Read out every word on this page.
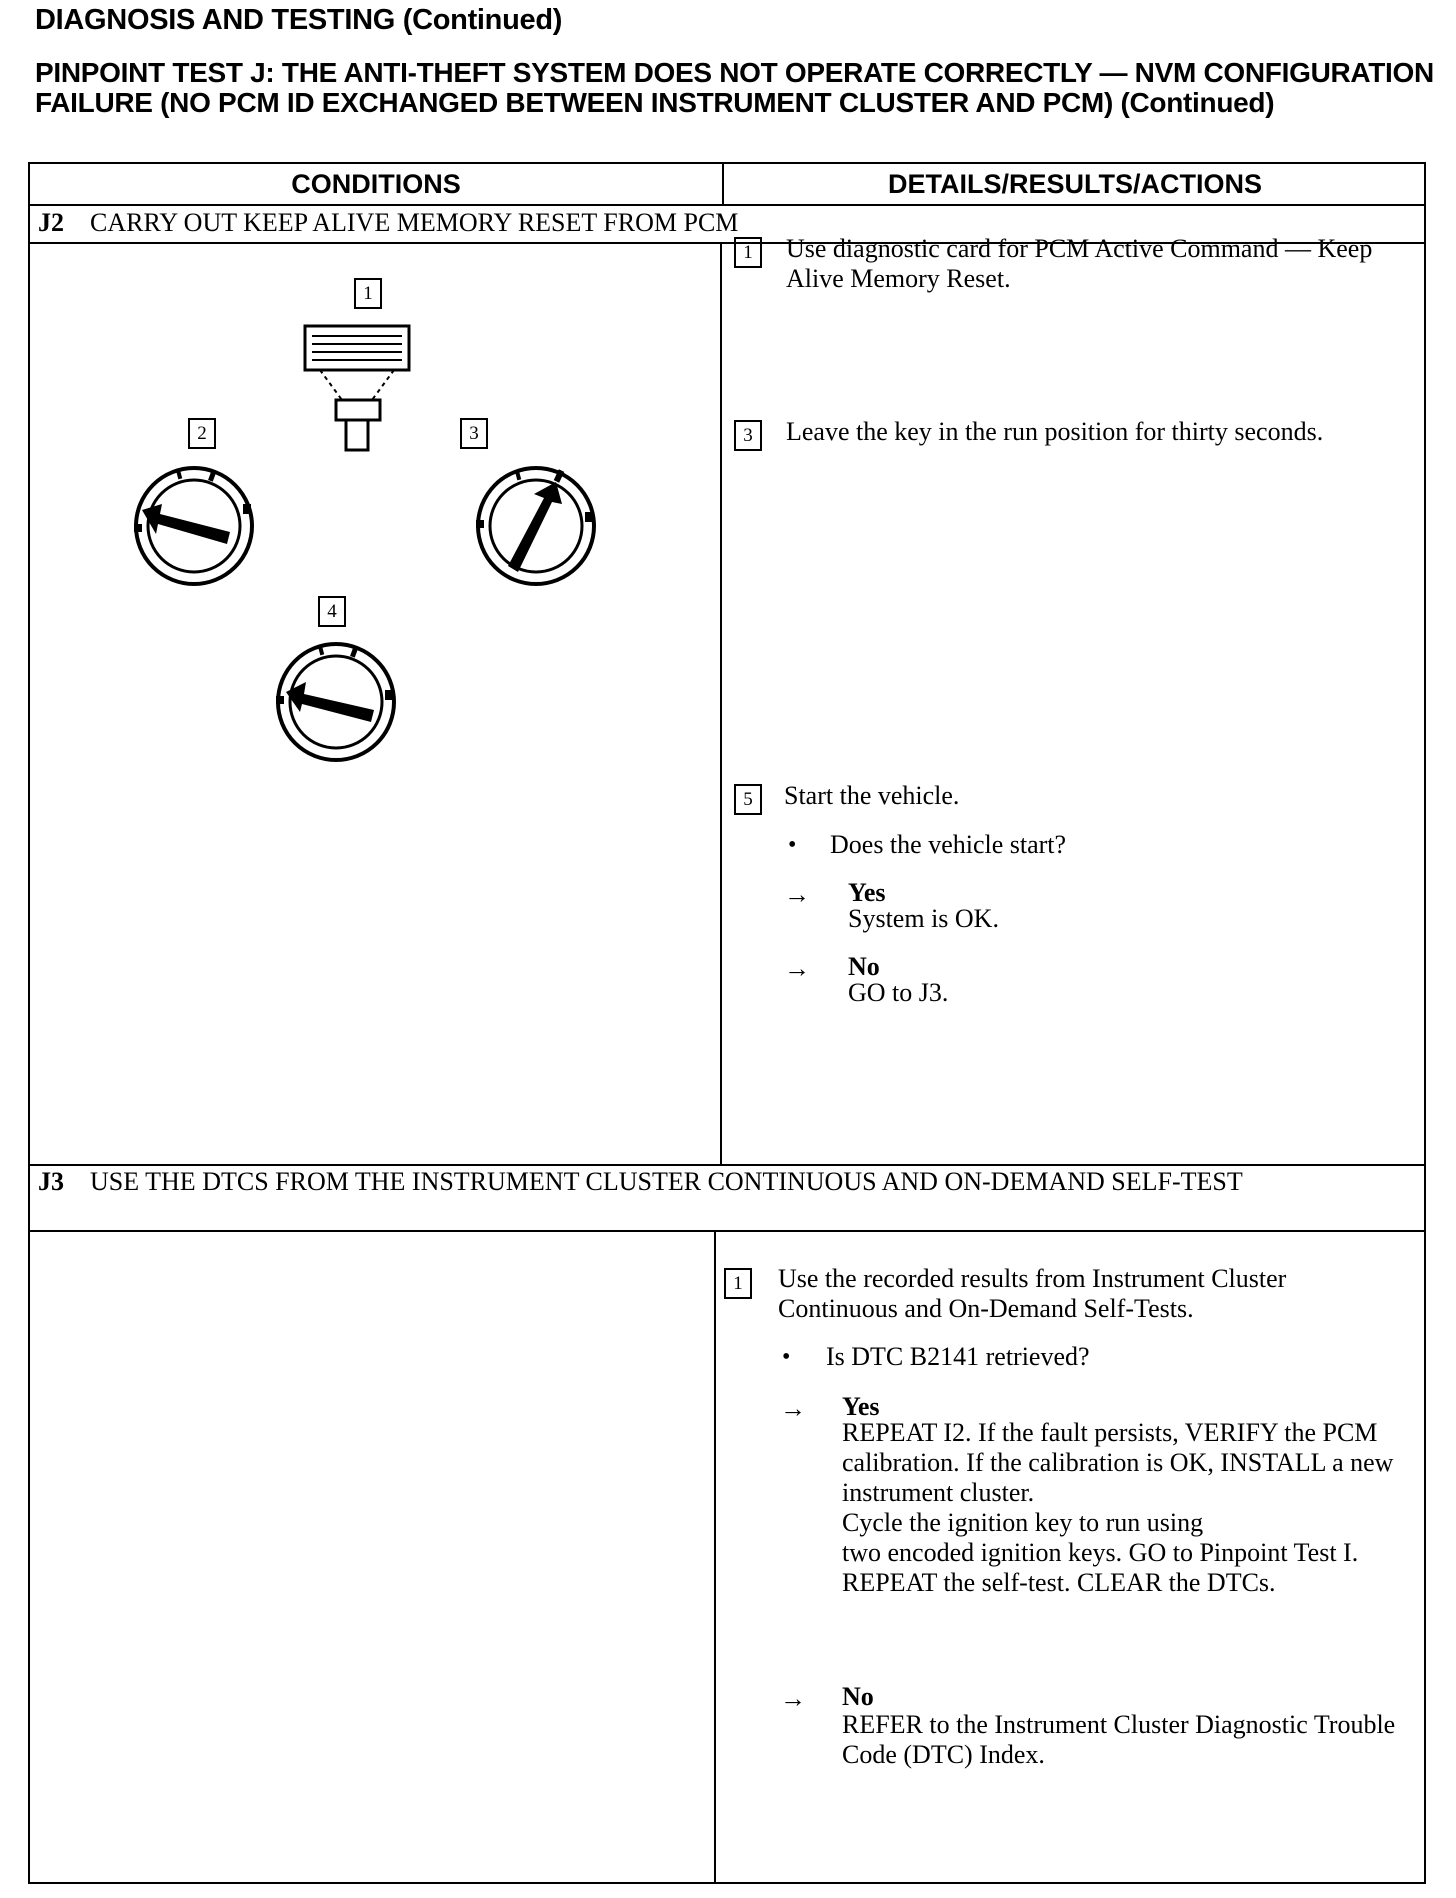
DIAGNOSIS AND TESTING (Continued)
PINPOINT TEST J: THE ANTI-THEFT SYSTEM DOES NOT OPERATE CORRECTLY — NVM CONFIGURATION FAILURE (NO PCM ID EXCHANGED BETWEEN INSTRUMENT CLUSTER AND PCM) (Continued)
CONDITIONS	DETAILS/RESULTS/ACTIONS
J2 CARRY OUT KEEP ALIVE MEMORY RESET FROM PCM
1
2	3
4
1	Use diagnostic card for PCM Active Command — Keep Alive Memory Reset.
3	Leave the key in the run position for thirty seconds.
5	Start the vehicle.
• Does the vehicle start?
→ Yes
System is OK.
→ No
GO to J3.
J3 USE THE DTCS FROM THE INSTRUMENT CLUSTER CONTINUOUS AND ON-DEMAND SELF-TEST
1	Use the recorded results from Instrument Cluster Continuous and On-Demand Self-Tests.
• Is DTC B2141 retrieved?
→ Yes
REPEAT I2. If the fault persists, VERIFY the PCM calibration. If the calibration is OK, INSTALL a new instrument cluster.
Cycle the ignition key to run using
two encoded ignition keys. GO to Pinpoint Test I. REPEAT the self-test. CLEAR the DTCs.
→ No
REFER to the Instrument Cluster Diagnostic Trouble Code (DTC) Index.
